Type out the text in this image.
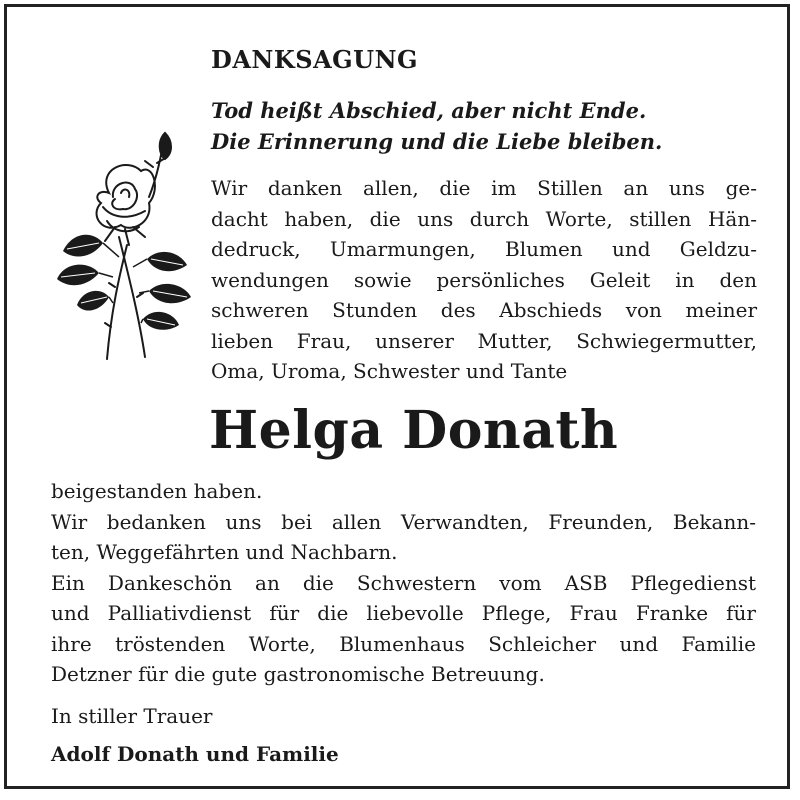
DANKSAGUNG

Tod heißt Abschied, aber nicht Ende.
Die Erinnerung und die Liebe bleiben.

Wir danken allen, die im Stillen an uns ge-
dacht haben, die uns durch Worte, stillen Hän-
dedruck, Umarmungen, Blumen und Geldzu-
wendungen sowie persönliches Geleit in den
schweren Stunden des Abschieds von meiner
lieben Frau, unserer Mutter, Schwiegermutter,
Oma, Uroma, Schwester und Tante
Helga Donath
beigestanden haben.
Wir bedanken uns bei allen Verwandten, Freunden, Bekann-
ten, Weggefährten und Nachbarn.
Ein Dankeschön an die Schwestern vom ASB Pflegedienst
und Palliativdienst für die liebevolle Pflege, Frau Franke für
ihre tröstenden Worte, Blumenhaus Schleicher und Familie
Detzner für die gute gastronomische Betreuung.

In stiller Trauer

Adolf Donath und Familie
